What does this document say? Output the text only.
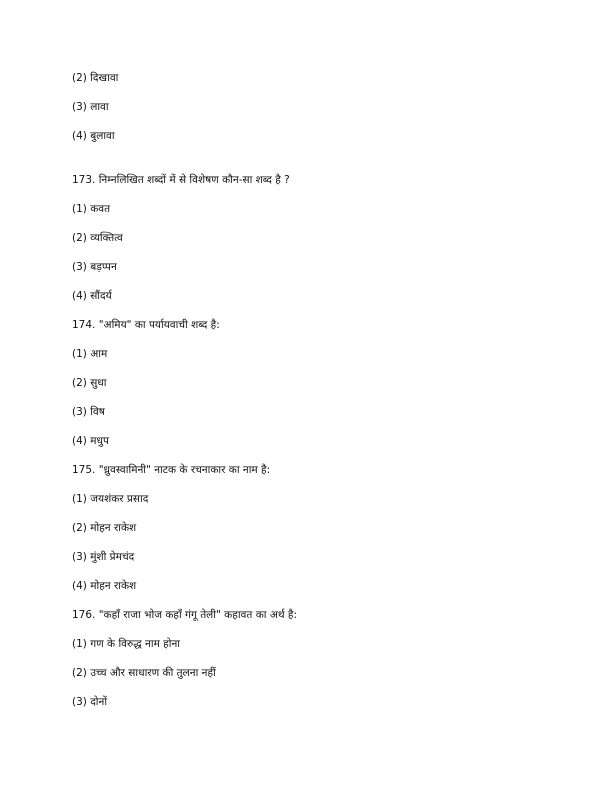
(2) दिखावा
(3) लावा
(4) बुलावा
173. निम्नलिखित शब्दों में से विशेषण कौन-सा शब्द है ?
(1) कवत
(2) व्यक्तित्व
(3) बड़प्पन
(4) सौंदर्य
174. "अमिय" का पर्यायवाची शब्द है:
(1) आम
(2) सुधा
(3) विष
(4) मधुप
175. "ध्रुवस्वामिनी" नाटक के रचनाकार का नाम है:
(1) जयशंकर प्रसाद
(2) मोहन राकेश
(3) मुंशी प्रेमचंद
(4) मोहन राकेश
176. "कहाँ राजा भोज कहाँ गंगू तेली" कहावत का अर्थ है:
(1) गण के विरुद्ध नाम होना
(2) उच्च और साधारण की तुलना नहीं
(3) दोनों
